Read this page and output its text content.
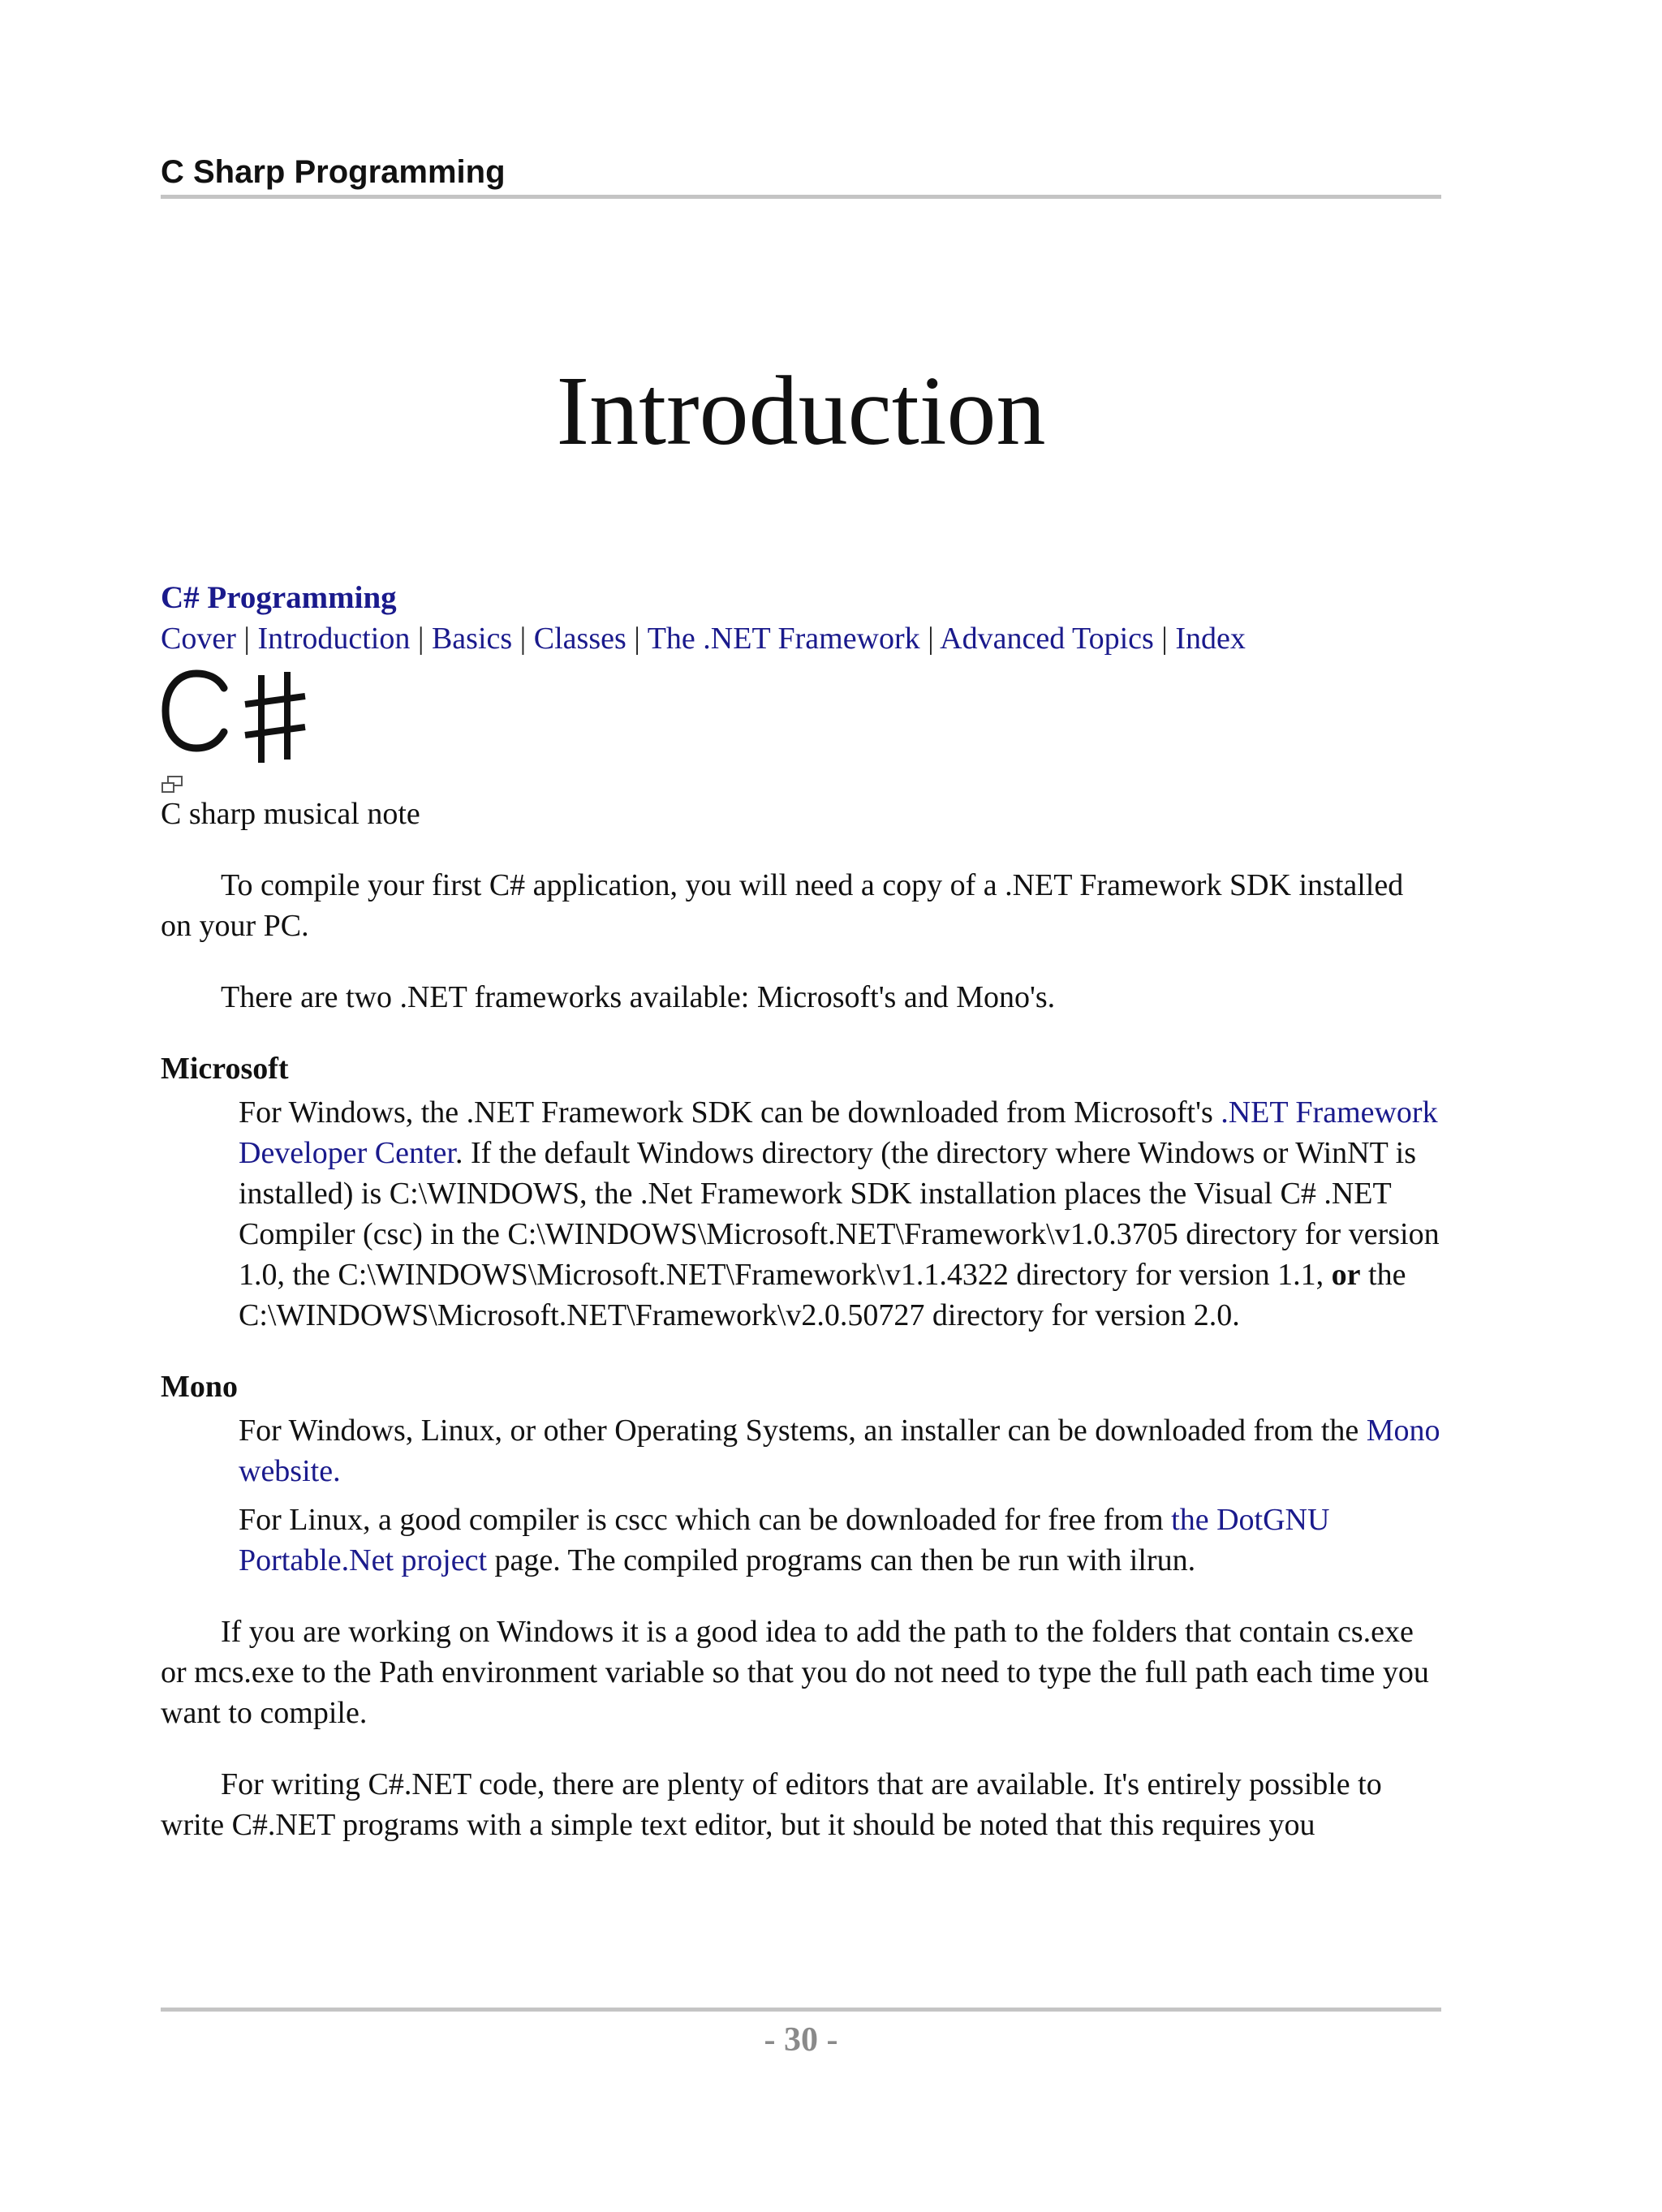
C Sharp Programming
Introduction
C# Programming
Cover | Introduction | Basics | Classes | The .NET Framework | Advanced Topics | Index
C♯
C sharp musical note

To compile your first C# application, you will need a copy of a .NET Framework SDK installed on your PC.

There are two .NET frameworks available: Microsoft's and Mono's.

Microsoft
For Windows, the .NET Framework SDK can be downloaded from Microsoft's .NET Framework Developer Center. If the default Windows directory (the directory where Windows or WinNT is installed) is C:\WINDOWS, the .Net Framework SDK installation places the Visual C# .NET Compiler (csc) in the C:\WINDOWS\Microsoft.NET\Framework\v1.0.3705 directory for version 1.0, the C:\WINDOWS\Microsoft.NET\Framework\v1.1.4322 directory for version 1.1, or the C:\WINDOWS\Microsoft.NET\Framework\v2.0.50727 directory for version 2.0.
Mono
For Windows, Linux, or other Operating Systems, an installer can be downloaded from the Mono website.
For Linux, a good compiler is cscc which can be downloaded for free from the DotGNU Portable.Net project page. The compiled programs can then be run with ilrun.

If you are working on Windows it is a good idea to add the path to the folders that contain cs.exe or mcs.exe to the Path environment variable so that you do not need to type the full path each time you want to compile.

For writing C#.NET code, there are plenty of editors that are available. It's entirely possible to write C#.NET programs with a simple text editor, but it should be noted that this requires you

- 30 -
